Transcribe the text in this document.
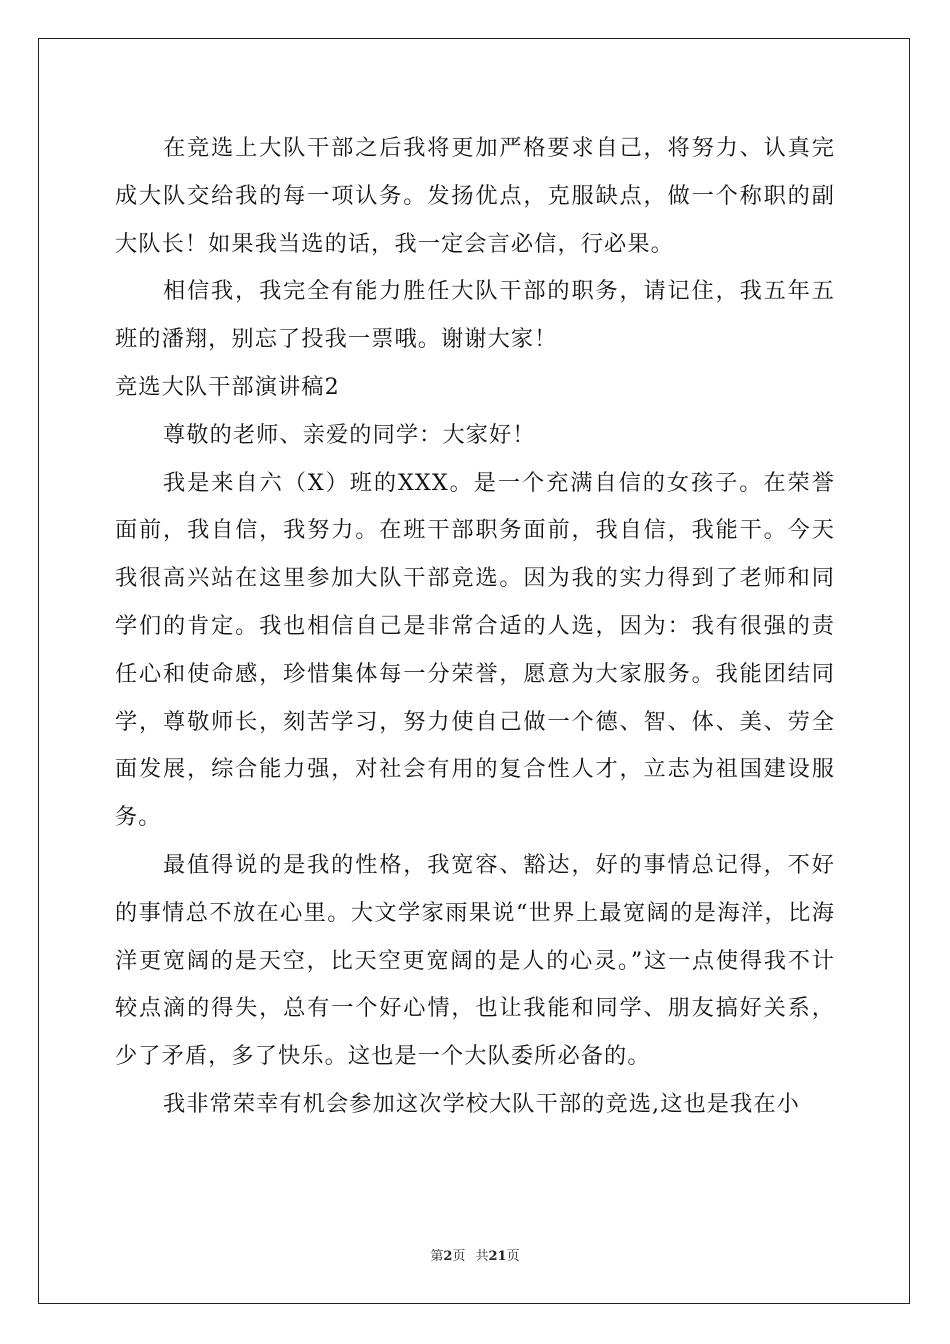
在竞选上大队干部之后我将更加严格要求自己，将努力、认真完成大队交给我的每一项认务。发扬优点，克服缺点，做一个称职的副大队长！如果我当选的话，我一定会言必信，行必果。

相信我，我完全有能力胜任大队干部的职务，请记住，我五年五班的潘翔，别忘了投我一票哦。谢谢大家！

竞选大队干部演讲稿2

尊敬的老师、亲爱的同学：大家好！

我是来自六（X）班的XXX。是一个充满自信的女孩子。在荣誉面前，我自信，我努力。在班干部职务面前，我自信，我能干。今天我很高兴站在这里参加大队干部竞选。因为我的实力得到了老师和同学们的肯定。我也相信自己是非常合适的人选，因为：我有很强的责任心和使命感，珍惜集体每一分荣誉，愿意为大家服务。我能团结同学，尊敬师长，刻苦学习，努力使自己做一个德、智、体、美、劳全面发展，综合能力强，对社会有用的复合性人才，立志为祖国建设服务。

最值得说的是我的性格，我宽容、豁达，好的事情总记得，不好的事情总不放在心里。大文学家雨果说“世界上最宽阔的是海洋，比海洋更宽阔的是天空，比天空更宽阔的是人的心灵。”这一点使得我不计较点滴的得失，总有一个好心情，也让我能和同学、朋友搞好关系，少了矛盾，多了快乐。这也是一个大队委所必备的。

我非常荣幸有机会参加这次学校大队干部的竞选,这也是我在小

第2页 共21页
